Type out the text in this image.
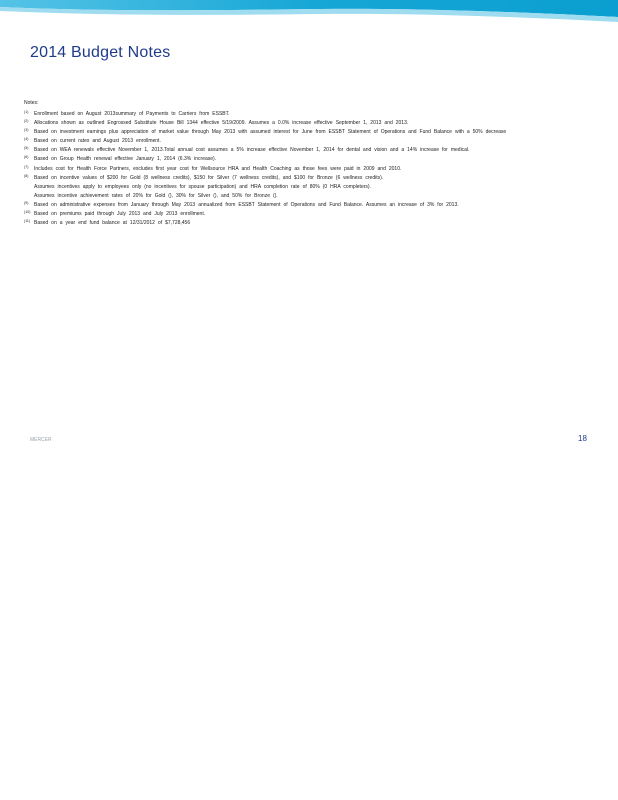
2014 Budget Notes
Notes:
(1) Enrollment based on August 2013summary of Payments to Carriers from ESSBT.
(2) Allocations shown as outlined Engrossed Substitute House Bill 1344 effective 5/19/2009. Assumes a 0.0% increase effective September 1, 2013 and 2013.
(3) Based on investment earnings plus appreciation of market value through May 2013 with assumed interest for June from ESSBT Statement of Operations and Fund Balance with a 50% decrease
(4) Based on current rates and August 2013 enrollment.
(5) Based on WEA renewals effective November 1, 2013.Total annual cost assumes a 5% increase effective November 1, 2014 for dental and vision and a 14% increase for medical.
(6) Based on Group Health renewal effective January 1, 2014 (6.3% increase).
(7) Includes cost for Health Force Partners, excludes first year cost for Wellsource HRA and Health Coaching as those fees were paid in 2009 and 2010.
(8) Based on incentive values of $200 for Gold (8 wellness credits), $150 for Silver (7 wellness credits), and $100 for Bronze (6 wellness credits).
Assumes incentives apply to employees only (no incentives for spouse participation) and HRA completion rate of 80% (0 HRA completers).
Assumes incentive achievement rates of 20% for Gold (), 30% for Silver (), and 50% for Bronze ().
(9) Based on administrative expenses from January through May 2013 annualized from ESSBT Statement of Operations and Fund Balance. Assumes an increase of 3% for 2013.
(10) Based on premiums paid through July 2013 and July 2013 enrollment.
(11) Based on a year end fund balance at 12/31/2012 of $7,728,456
MERCER	18
